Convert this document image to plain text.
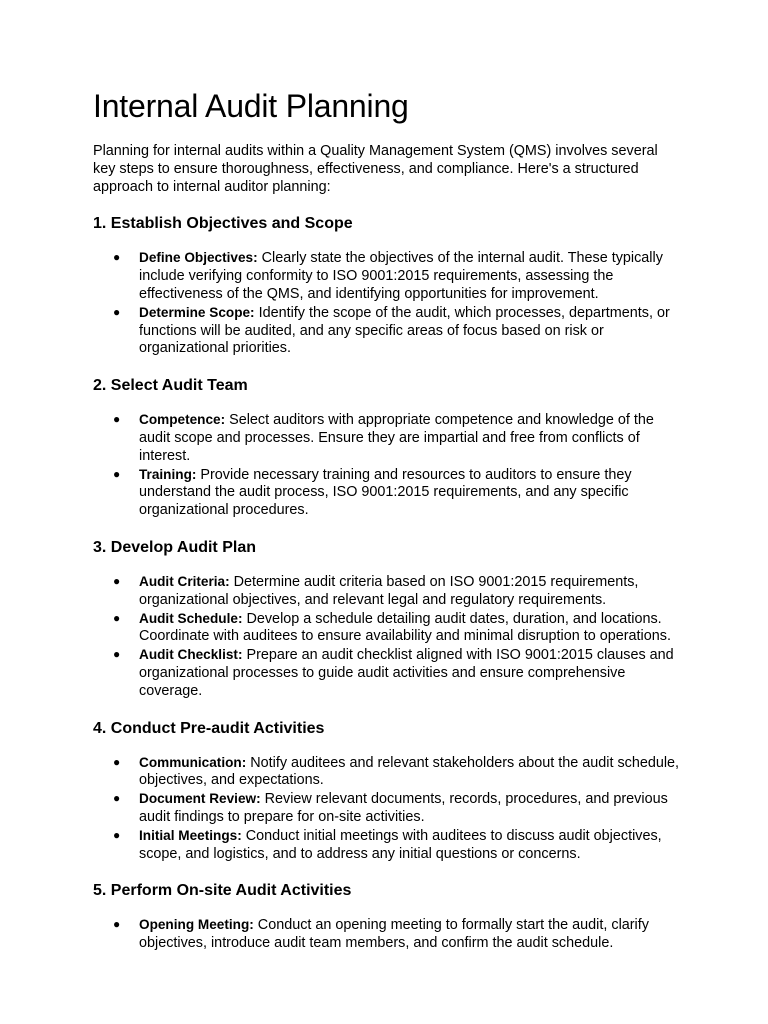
Internal Audit Planning

Planning for internal audits within a Quality Management System (QMS) involves several key steps to ensure thoroughness, effectiveness, and compliance. Here's a structured approach to internal auditor planning:

1. Establish Objectives and Scope
● Define Objectives: Clearly state the objectives of the internal audit. These typically include verifying conformity to ISO 9001:2015 requirements, assessing the effectiveness of the QMS, and identifying opportunities for improvement.
● Determine Scope: Identify the scope of the audit, which processes, departments, or functions will be audited, and any specific areas of focus based on risk or organizational priorities.
2. Select Audit Team
● Competence: Select auditors with appropriate competence and knowledge of the audit scope and processes. Ensure they are impartial and free from conflicts of interest.
● Training: Provide necessary training and resources to auditors to ensure they understand the audit process, ISO 9001:2015 requirements, and any specific organizational procedures.
3. Develop Audit Plan
● Audit Criteria: Determine audit criteria based on ISO 9001:2015 requirements, organizational objectives, and relevant legal and regulatory requirements.
● Audit Schedule: Develop a schedule detailing audit dates, duration, and locations. Coordinate with auditees to ensure availability and minimal disruption to operations.
● Audit Checklist: Prepare an audit checklist aligned with ISO 9001:2015 clauses and organizational processes to guide audit activities and ensure comprehensive coverage.
4. Conduct Pre-audit Activities
● Communication: Notify auditees and relevant stakeholders about the audit schedule, objectives, and expectations.
● Document Review: Review relevant documents, records, procedures, and previous audit findings to prepare for on-site activities.
● Initial Meetings: Conduct initial meetings with auditees to discuss audit objectives, scope, and logistics, and to address any initial questions or concerns.
5. Perform On-site Audit Activities
● Opening Meeting: Conduct an opening meeting to formally start the audit, clarify objectives, introduce audit team members, and confirm the audit schedule.
